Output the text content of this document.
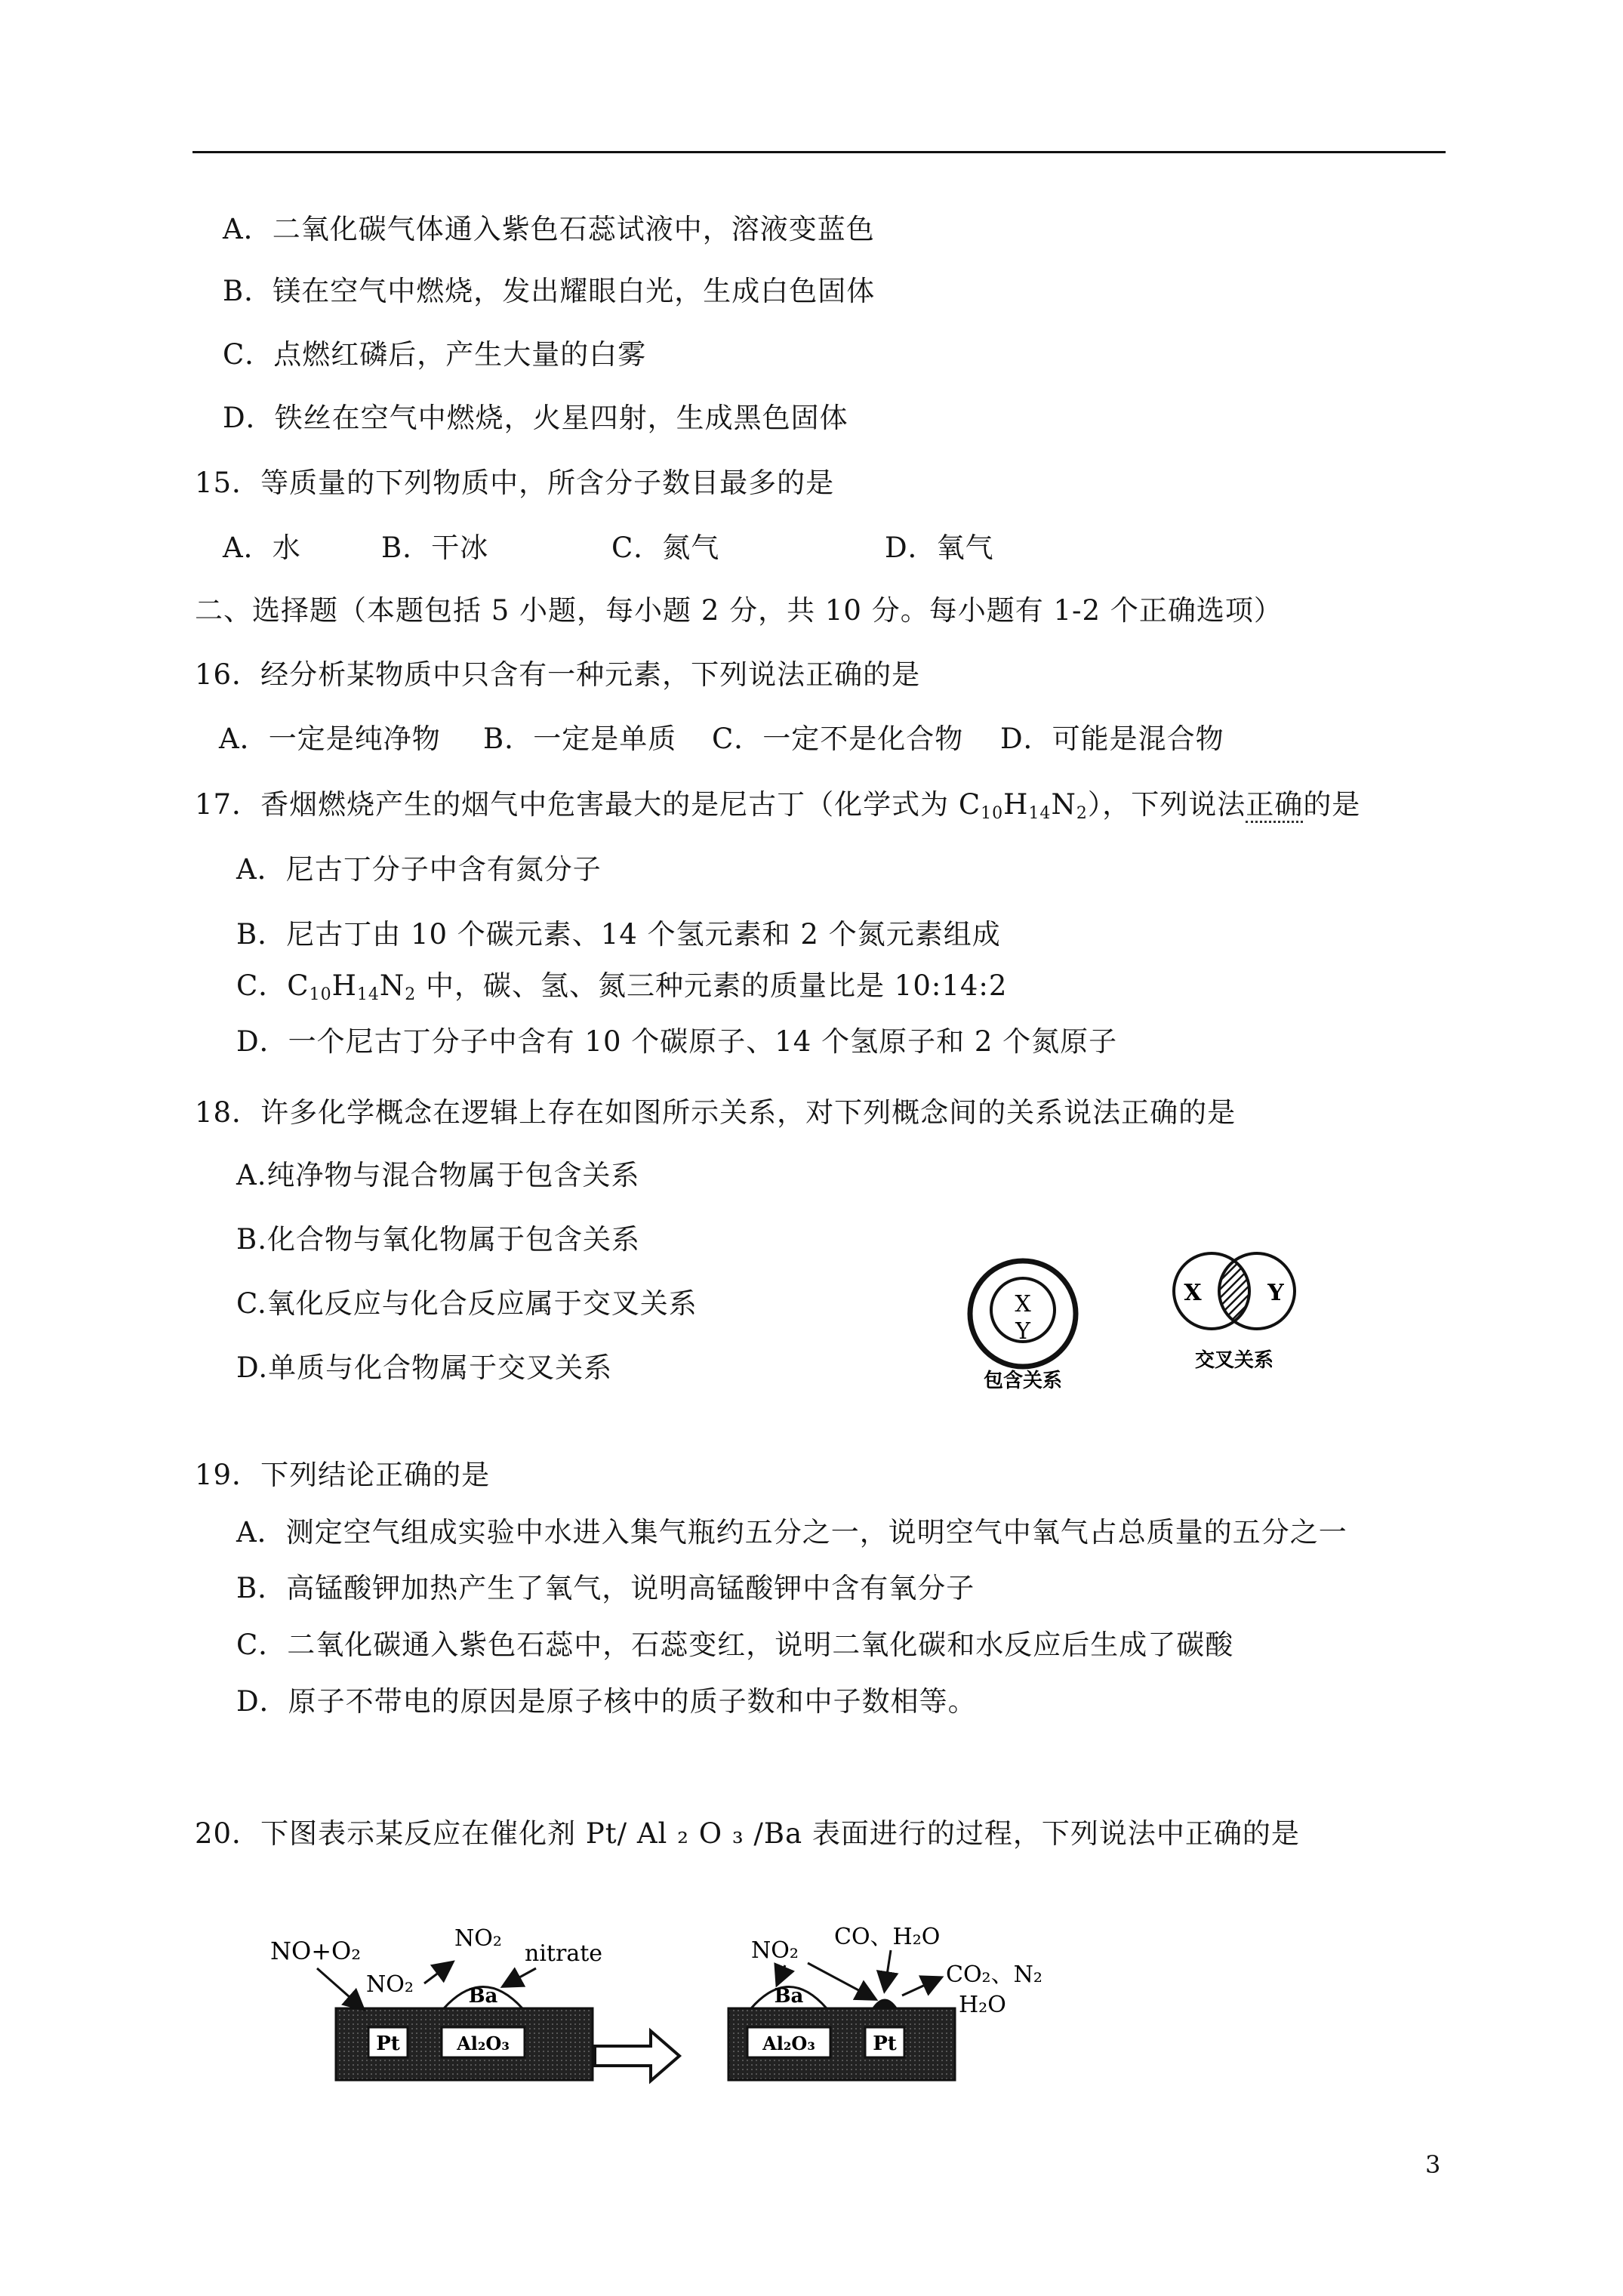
A．二氧化碳气体通入紫色石蕊试液中，溶液变蓝色
B．镁在空气中燃烧，发出耀眼白光，生成白色固体
C．点燃红磷后，产生大量的白雾
D．铁丝在空气中燃烧，火星四射，生成黑色固体
15．等质量的下列物质中，所含分子数目最多的是
A．水	B．干冰	C．氮气	D．氧气
二、选择题（本题包括 5 小题，每小题 2 分，共 10 分。每小题有 1-2 个正确选项）
16．经分析某物质中只含有一种元素，下列说法正确的是
A．一定是纯净物 B．一定是单质 C．一定不是化合物 D．可能是混合物
17．香烟燃烧产生的烟气中危害最大的是尼古丁（化学式为 $C_{10}H_{14}N_2$），下列说法正确的是
A．尼古丁分子中含有氮分子
B．尼古丁由 10 个碳元素、14 个氢元素和 2 个氮元素组成
C．$C_{10}H_{14}N_2$ 中，碳、氢、氮三种元素的质量比是 10:14:2
D．一个尼古丁分子中含有 10 个碳原子、14 个氢原子和 2 个氮原子
18．许多化学概念在逻辑上存在如图所示关系，对下列概念间的关系说法正确的是
A.纯净物与混合物属于包含关系
B.化合物与氧化物属于包含关系
C.氧化反应与化合反应属于交叉关系
D.单质与化合物属于交叉关系
X
Y
包含关系
X	Y
交叉关系
19．下列结论正确的是
A．测定空气组成实验中水进入集气瓶约五分之一，说明空气中氧气占总质量的五分之一
B．高锰酸钾加热产生了氧气，说明高锰酸钾中含有氧分子
C．二氧化碳通入紫色石蕊中，石蕊变红，说明二氧化碳和水反应后生成了碳酸
D．原子不带电的原因是原子核中的质子数和中子数相等。
20．下图表示某反应在催化剂 Pt/ Al ₂ O ₃ /Ba 表面进行的过程，下列说法中正确的是
Pt	Al₂O₃
Ba
NO+O₂
NO₂
NO₂
nitrate
Al₂O₃
Ba
Pt
NO₂
CO、H₂O
CO₂、N₂
H₂O
3
